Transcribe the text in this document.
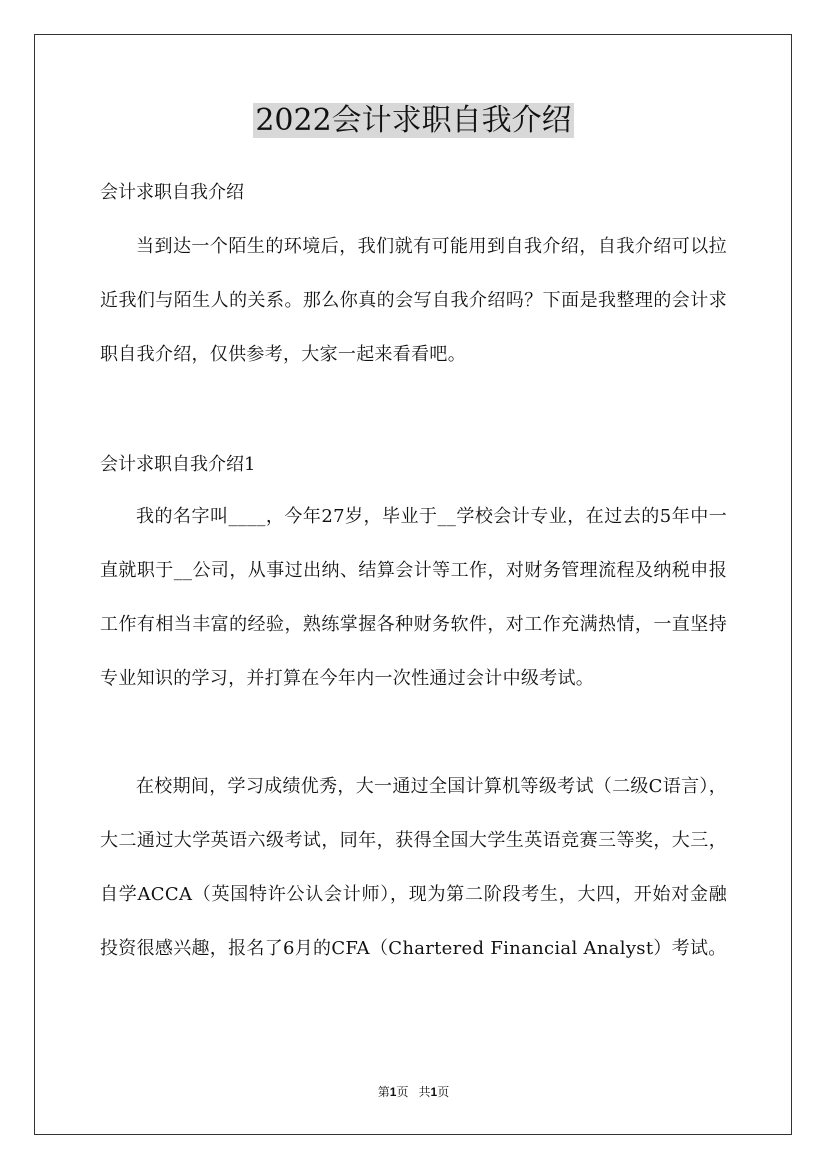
2022会计求职自我介绍
会计求职自我介绍
当到达一个陌生的环境后，我们就有可能用到自我介绍，自我介绍可以拉近我们与陌生人的关系。那么你真的会写自我介绍吗？下面是我整理的会计求职自我介绍，仅供参考，大家一起来看看吧。
会计求职自我介绍1
我的名字叫____，今年27岁，毕业于__学校会计专业，在过去的5年中一直就职于__公司，从事过出纳、结算会计等工作，对财务管理流程及纳税申报工作有相当丰富的经验，熟练掌握各种财务软件，对工作充满热情，一直坚持专业知识的学习，并打算在今年内一次性通过会计中级考试。
在校期间，学习成绩优秀，大一通过全国计算机等级考试（二级C语言），大二通过大学英语六级考试，同年，获得全国大学生英语竞赛三等奖，大三，自学ACCA（英国特许公认会计师），现为第二阶段考生，大四，开始对金融投资很感兴趣，报名了6月的CFA（Chartered Financial Analyst）考试。
第1页 共1页
